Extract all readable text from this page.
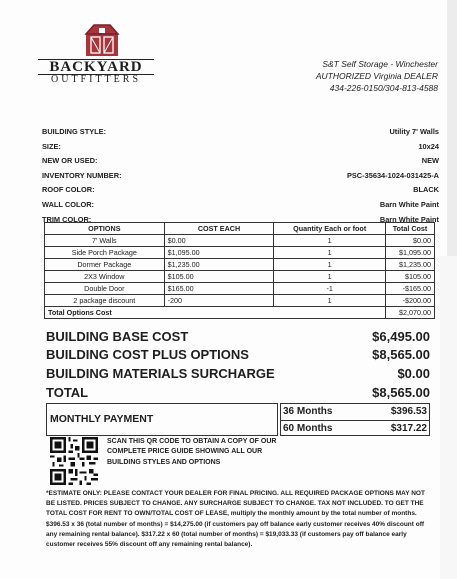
BACKYARD
OUTFITTERS
S&T Self Storage - Winchester
AUTHORIZED Virginia DEALER
434-226-0150/304-813-4588
BUILDING STYLE:	Utility 7' Walls
SIZE:	10x24
NEW OR USED:	NEW
INVENTORY NUMBER:	PSC-35634-1024-031425-A
ROOF COLOR:	BLACK
WALL COLOR:	Barn White Paint
TRIM COLOR:	Barn White Paint
OPTIONS	COST EACH	Quantity Each or foot	Total Cost
7' Walls	$0.00	1	$0.00
Side Porch Package	$1,095.00	1	$1,095.00
Dormer Package	$1,235.00	1	$1,235.00
2X3 Window	$105.00	1	$105.00
Double Door	$165.00	-1	-$165.00
2 package discount	-200	1	-$200.00
Total Options Cost			$2,070.00
BUILDING BASE COST	$6,495.00
BUILDING COST PLUS OPTIONS	$8,565.00
BUILDING MATERIALS SURCHARGE	$0.00
TOTAL	$8,565.00
MONTHLY PAYMENT
36 Months	$396.53
60 Months	$317.22
SCAN THIS QR CODE TO OBTAIN A COPY OF OUR COMPLETE PRICE GUIDE SHOWING ALL OUR BUILDING STYLES AND OPTIONS
*ESTIMATE ONLY: PLEASE CONTACT YOUR DEALER FOR FINAL PRICING. ALL REQUIRED PACKAGE OPTIONS MAY NOT BE LISTED. PRICES SUBJECT TO CHANGE. ANY SURCHARGE SUBJECT TO CHANGE. TAX NOT INCLUDED. TO GET THE TOTAL COST FOR RENT TO OWN/TOTAL COST OF LEASE, multiply the monthly amount by the total number of months. $396.53 x 36 (total number of months) = $14,275.00 (if customers pay off balance early customer receives 40% discount off any remaining rental balance). $317.22 x 60 (total number of months) = $19,033.33 (if customers pay off balance early customer receives 55% discount off any remaining rental balance).
